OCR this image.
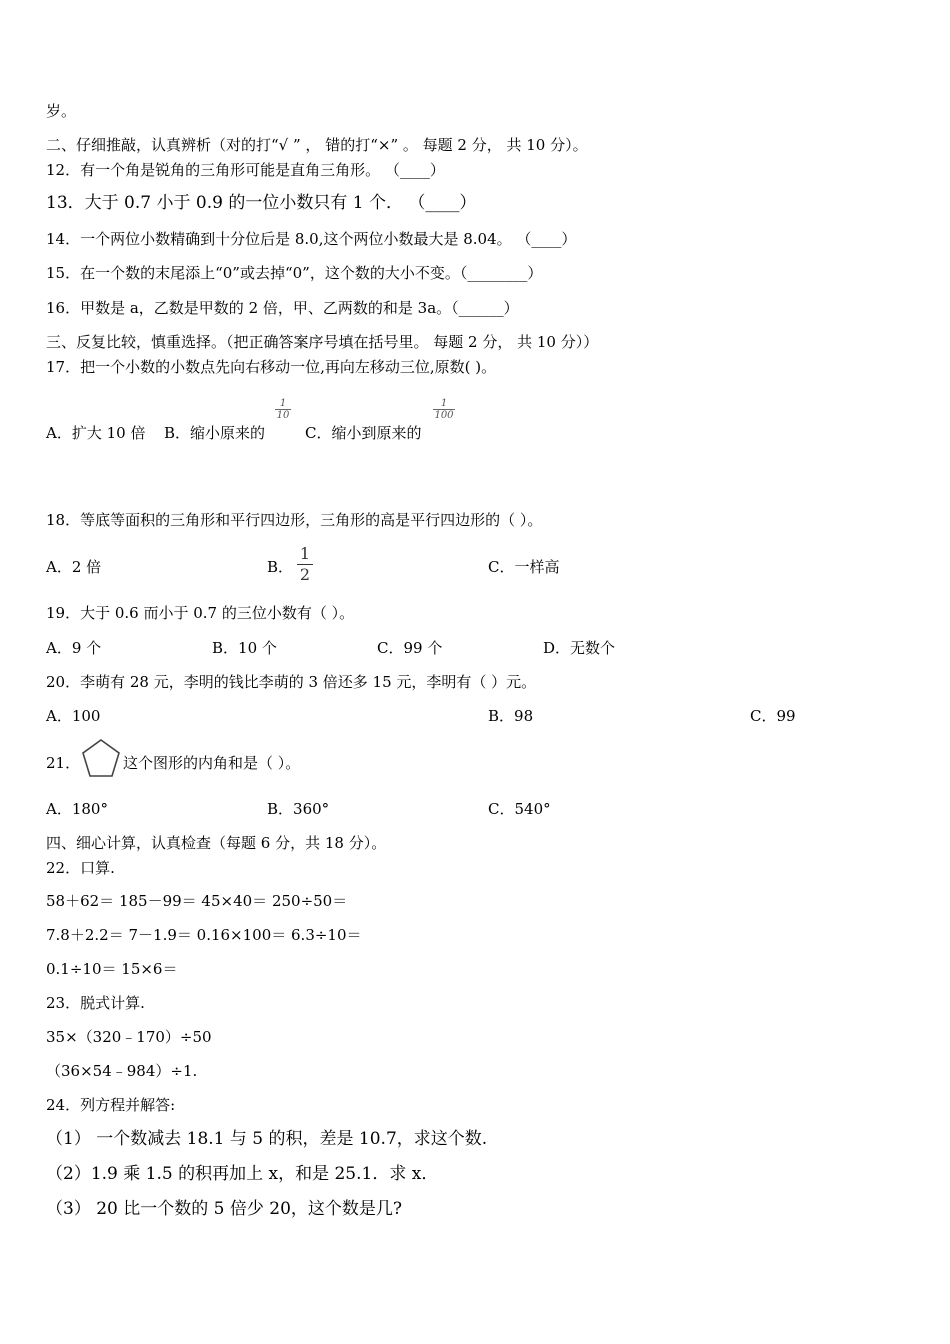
岁。
二、仔细推敲，认真辨析（对的打“√ ” ， 错的打“×” 。 每题 2 分， 共 10 分）。
12．有一个角是锐角的三角形可能是直角三角形。 （____）
13．大于 0.7 小于 0.9 的一位小数只有 1 个． （____）
14．一个两位小数精确到十分位后是 8.0,这个两位小数最大是 8.04。 （____）
15．在一个数的末尾添上“0”或去掉“0”，这个数的大小不变。（________）
16．甲数是 a，乙数是甲数的 2 倍，甲、乙两数的和是 3a。（______）
三、反复比较，慎重选择。（把正确答案序号填在括号里。 每题 2 分， 共 10 分））
17．把一个小数的小数点先向右移动一位,再向左移动三位,原数( )。
A．扩大 10 倍 B．缩小原来的
1
10
C．缩小到原来的
1
100
18．等底等面积的三角形和平行四边形，三角形的高是平行四边形的（ ）。
A．2 倍	B．
1
2	C．一样高
19．大于 0.6 而小于 0.7 的三位小数有（ ）。
A．9 个	B．10 个	C．99 个	D．无数个
20．李萌有 28 元，李明的钱比李萌的 3 倍还多 15 元，李明有（ ）元。
A．100	B．98	C．99
21．	这个图形的内角和是（ ）。
A．180°	B．360°	C．540°
四、细心计算，认真检查（每题 6 分，共 18 分）。
22．口算.
58＋62＝ 185－99＝ 45×40＝ 250÷50＝
7.8＋2.2＝ 7－1.9＝ 0.16×100＝ 6.3÷10＝
0.1÷10＝ 15×6＝
23．脱式计算.
35×（320﹣170）÷50
（36×54﹣984）÷1.
24．列方程并解答:
（1） 一个数减去 18.1 与 5 的积，差是 10.7，求这个数.
（2）1.9 乘 1.5 的积再加上 x，和是 25.1．求 x．
（3） 20 比一个数的 5 倍少 20，这个数是几?
